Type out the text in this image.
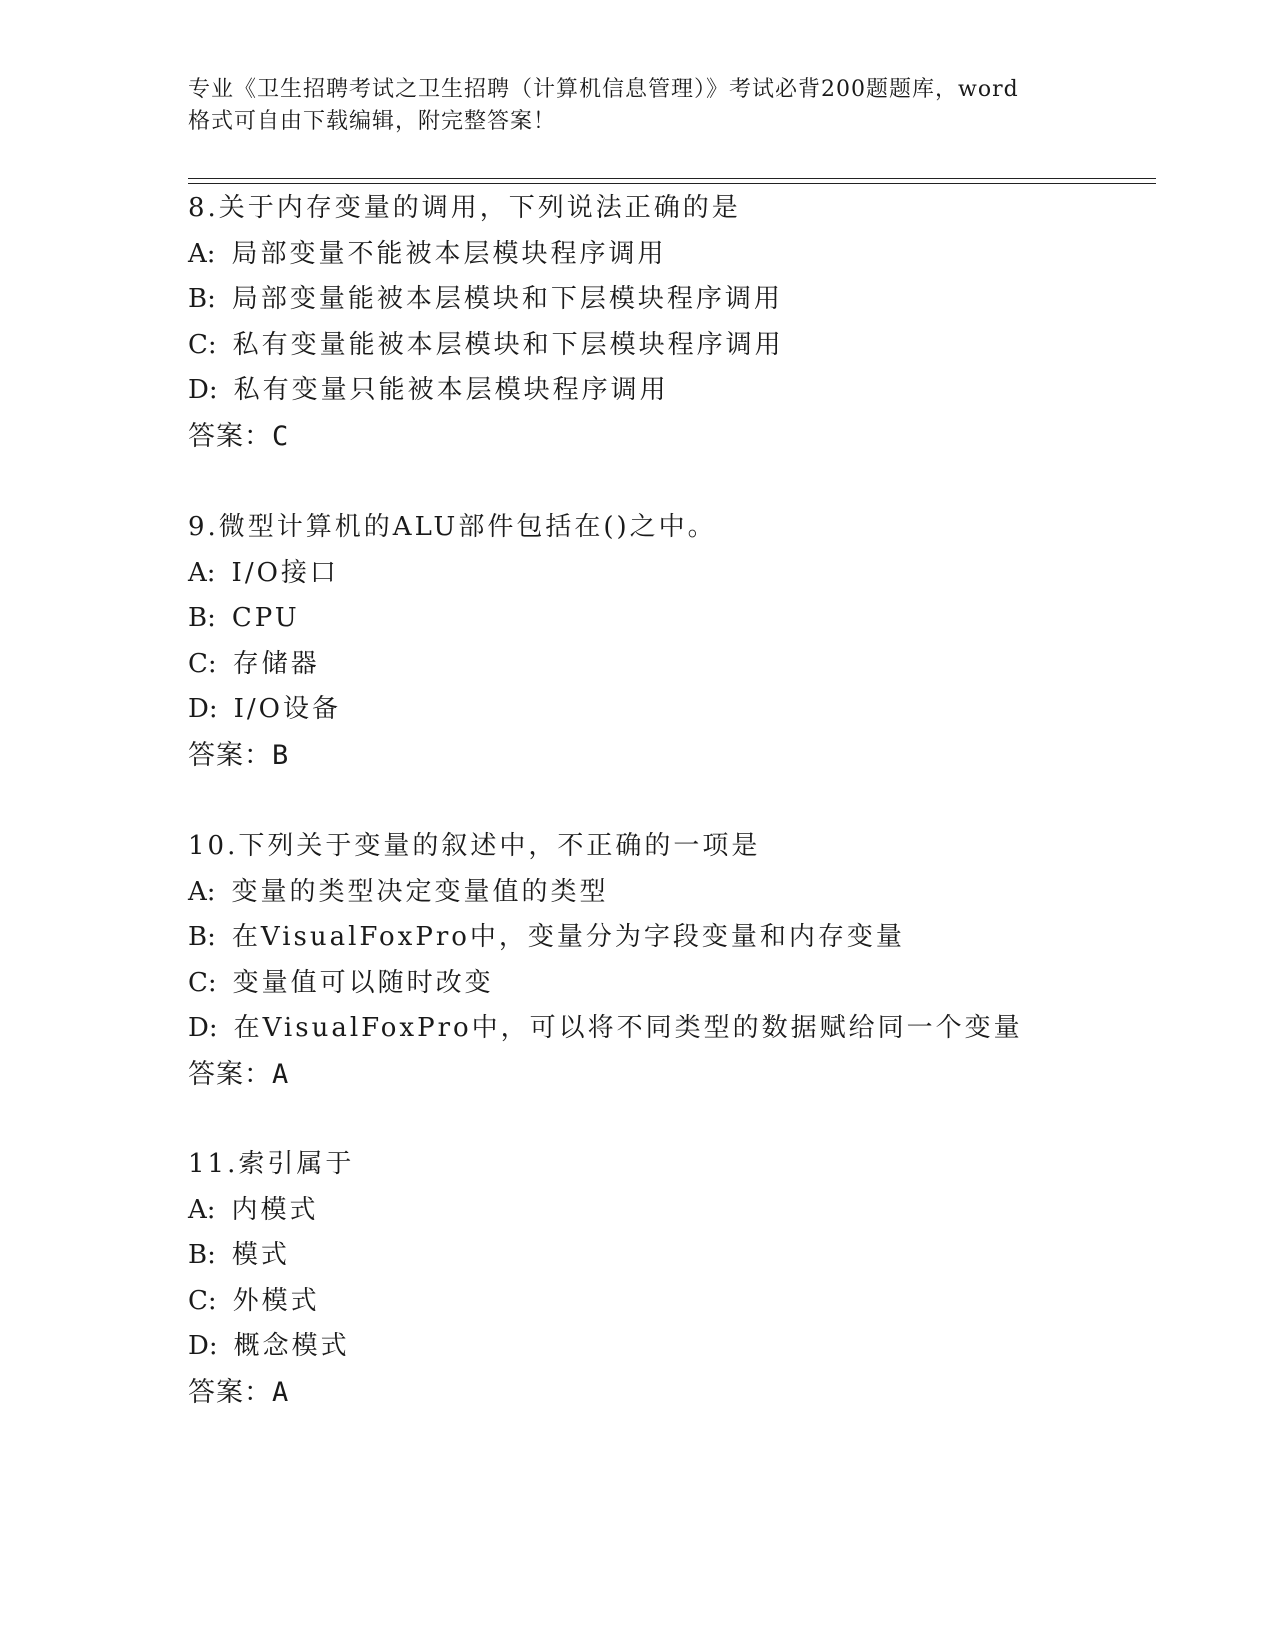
专业《卫生招聘考试之卫生招聘（计算机信息管理）》考试必背200题题库，word
格式可自由下载编辑，附完整答案！
8.关于内存变量的调用，下列说法正确的是
A: 局部变量不能被本层模块程序调用
B: 局部变量能被本层模块和下层模块程序调用
C: 私有变量能被本层模块和下层模块程序调用
D: 私有变量只能被本层模块程序调用
答案：C
9.微型计算机的ALU部件包括在()之中。
A: I/O接口
B: CPU
C: 存储器
D: I/O设备
答案：B
10.下列关于变量的叙述中，不正确的一项是
A: 变量的类型决定变量值的类型
B: 在VisualFoxPro中，变量分为字段变量和内存变量
C: 变量值可以随时改变
D: 在VisualFoxPro中，可以将不同类型的数据赋给同一个变量
答案：A
11.索引属于
A: 内模式
B: 模式
C: 外模式
D: 概念模式
答案：A
